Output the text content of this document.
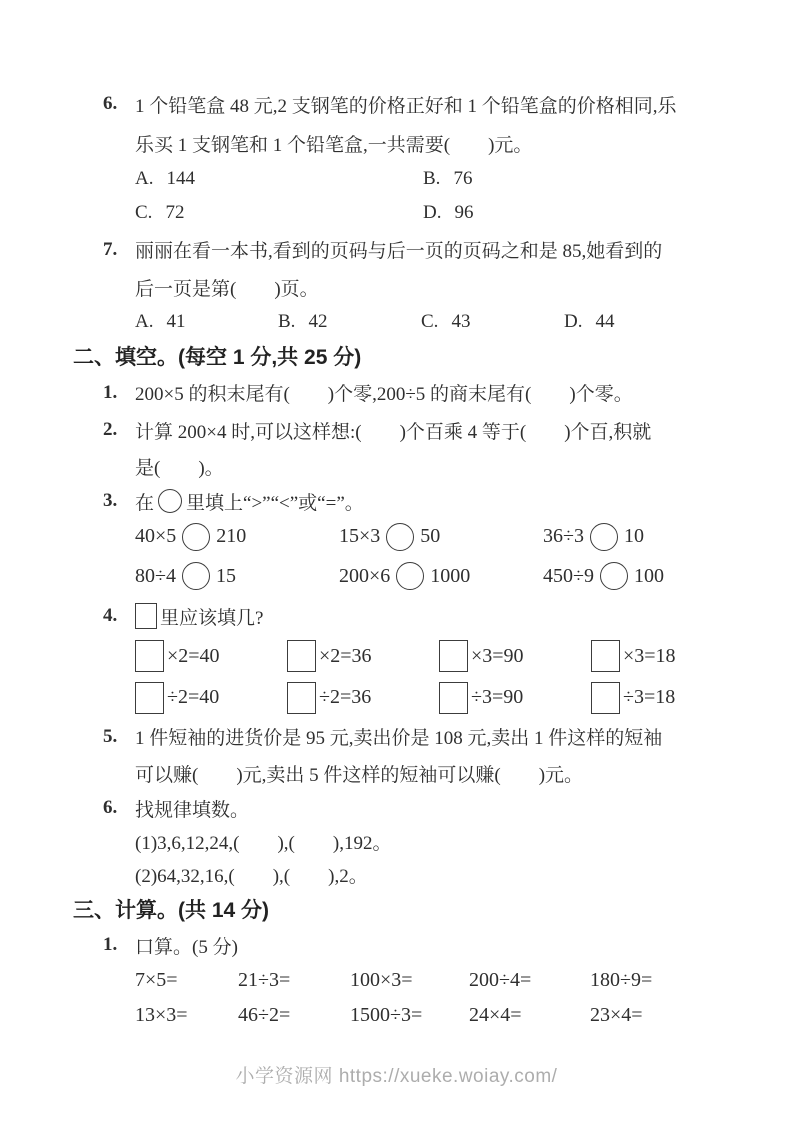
6. 1 个铅笔盒 48 元,2 支钢笔的价格正好和 1 个铅笔盒的价格相同,乐
乐买 1 支钢笔和 1 个铅笔盒,一共需要(　　)元。
A. 144	B. 76
C. 72	D. 96
7. 丽丽在看一本书,看到的页码与后一页的页码之和是 85,她看到的
后一页是第(　　)页。
A. 41	B. 42	C. 43	D. 44
二、填空。(每空 1 分,共 25 分)
1. 200×5 的积末尾有(　　)个零,200÷5 的商末尾有(　　)个零。
2. 计算 200×4 时,可以这样想:(　　)个百乘 4 等于(　　)个百,积就
是(　　)。
3. 在 里填上“>”“<”或“=”。
40×5 210	15×3 50	36÷3 10
80÷4 15	200×6 1000	450÷9 100
4. 里应该填几?
×2=40	×2=36	×3=90	×3=18
÷2=40	÷2=36	÷3=90	÷3=18
5. 1 件短袖的进货价是 95 元,卖出价是 108 元,卖出 1 件这样的短袖
可以赚(　　)元,卖出 5 件这样的短袖可以赚(　　)元。
6. 找规律填数。
(1)3,6,12,24,(　　),(　　),192。
(2)64,32,16,(　　),(　　),2。
三、计算。(共 14 分)
1. 口算。(5 分)
7×5=	21÷3=	100×3=	200÷4=	180÷9=
13×3=	46÷2=	1500÷3= 24×4=	23×4=
小学资源网 https://xueke.woiay.com/
